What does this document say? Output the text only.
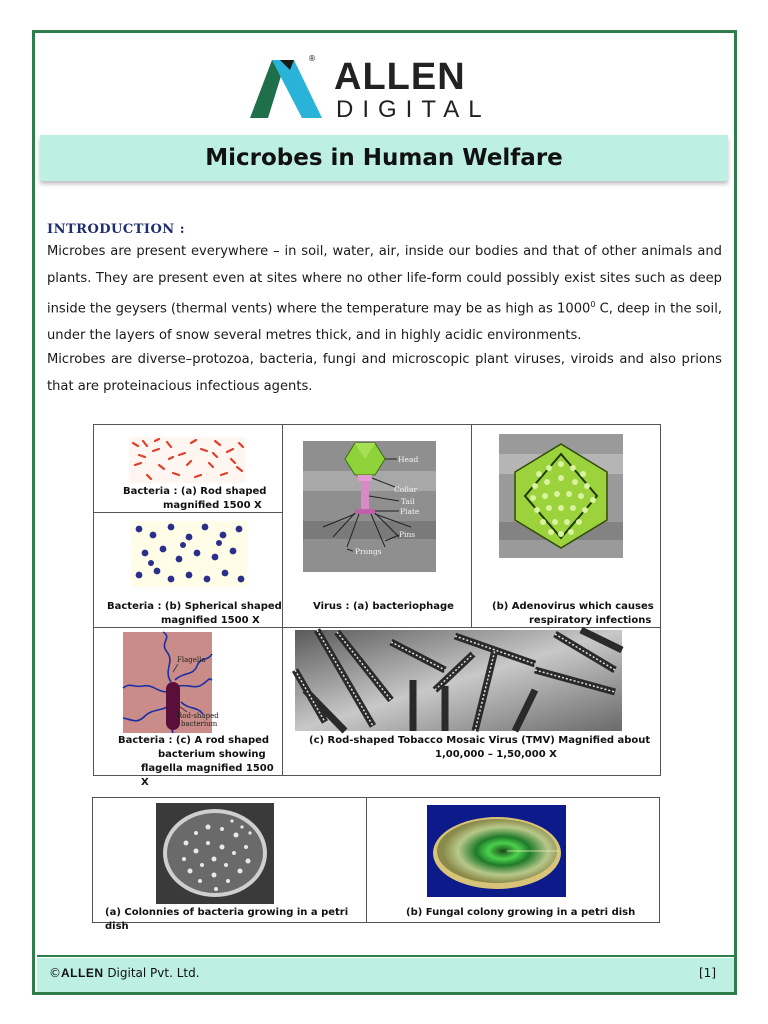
® ALLEN
DIGITAL
Microbes in Human Welfare
INTRODUCTION :
Microbes are present everywhere – in soil, water, air, inside our bodies and that of other animals and plants. They are present even at sites where no other life-form could possibly exist sites such as deep inside the geysers (thermal vents) where the temperature may be as high as 1000$^0$ C, deep in the soil, under the layers of snow several metres thick, and in highly acidic environments.
Microbes are diverse–protozoa, bacteria, fungi and microscopic plant viruses, viroids and also prions that are proteinacious infectious agents.
Bacteria : (a) Rod shaped
magnified 1500 X
Bacteria : (b) Spherical shaped
magnified 1500 X
Head
Collar
Tail
Plate
Pins
Prongs
Virus : (a) bacteriophage	(b) Adenovirus which causes
respiratory infections
Flagella
Rod-shaped
bacterium
Bacteria : (c) A rod shaped
bacterium showing
flagella magnified 1500 X
(c) Rod-shaped Tobacco Mosaic Virus (TMV) Magnified about
1,00,000 – 1,50,000 X
(a) Colonnies of bacteria growing in a petri dish
(b) Fungal colony growing in a petri dish
©ALLEN Digital Pvt. Ltd.	[1]
